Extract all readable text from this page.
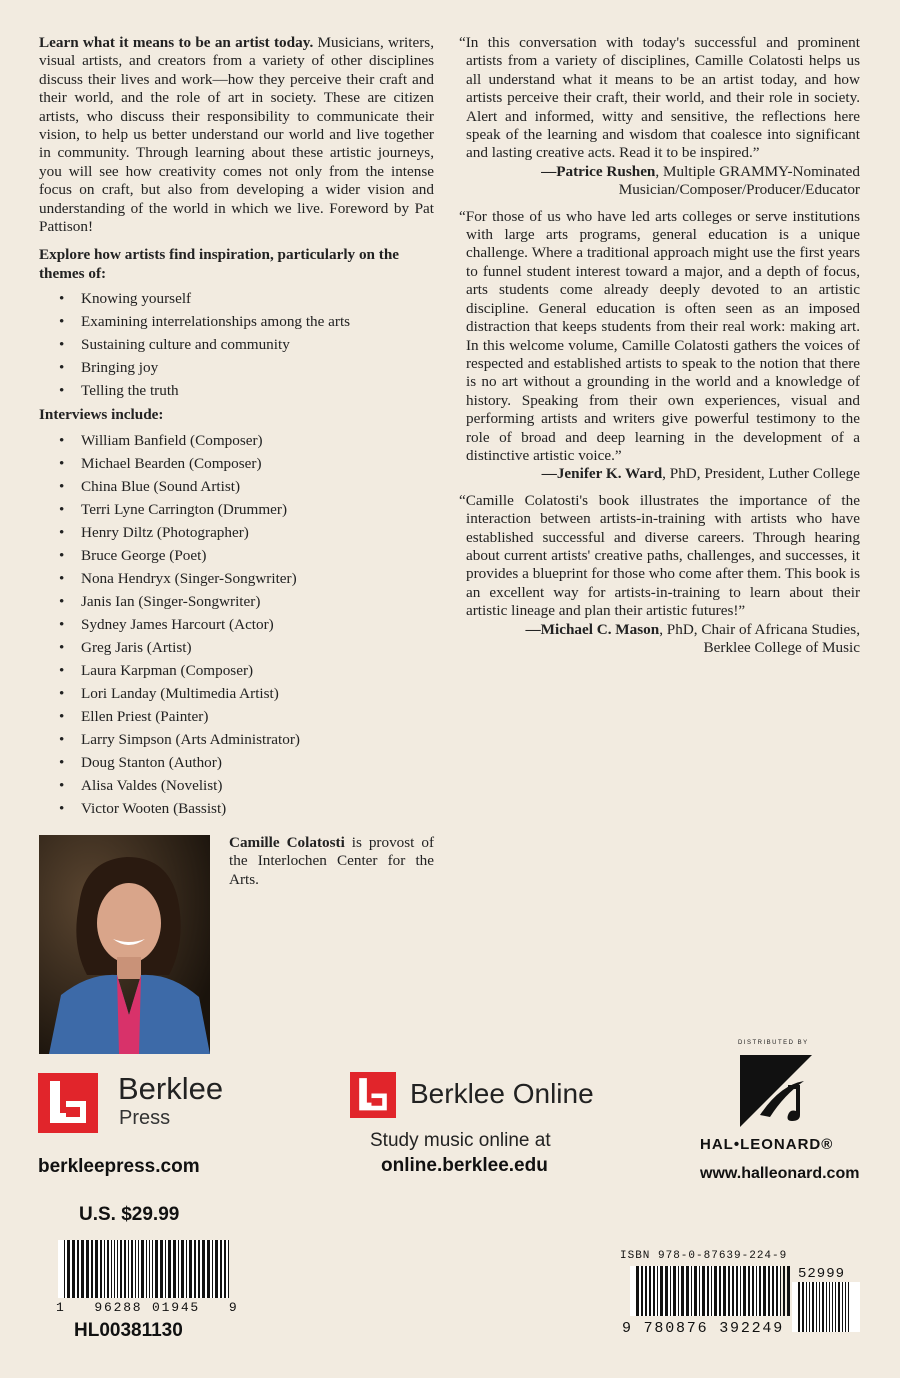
Learn what it means to be an artist today. Musicians, writers, visual artists, and creators from a variety of other disciplines discuss their lives and work—how they perceive their craft and their world, and the role of art in society. These are citizen artists, who discuss their responsibility to communicate their vision, to help us better understand our world and live together in community. Through learning about these artistic journeys, you will see how creativity comes not only from the intense focus on craft, but also from developing a wider vision and understanding of the world in which we live. Foreword by Pat Pattison!

Explore how artists find inspiration, particularly on the themes of:

• Knowing yourself
• Examining interrelationships among the arts
• Sustaining culture and community
• Bringing joy
• Telling the truth

Interviews include:

• William Banfield (Composer)
• Michael Bearden (Composer)
• China Blue (Sound Artist)
• Terri Lyne Carrington (Drummer)
• Henry Diltz (Photographer)
• Bruce George (Poet)
• Nona Hendryx (Singer-Songwriter)
• Janis Ian (Singer-Songwriter)
• Sydney James Harcourt (Actor)
• Greg Jaris (Artist)
• Laura Karpman (Composer)
• Lori Landay (Multimedia Artist)
• Ellen Priest (Painter)
• Larry Simpson (Arts Administrator)
• Doug Stanton (Author)
• Alisa Valdes (Novelist)
• Victor Wooten (Bassist)

“In this conversation with today's successful and prominent artists from a variety of disciplines, Camille Colatosti helps us all understand what it means to be an artist today, and how artists perceive their craft, their world, and their role in society. Alert and informed, witty and sensitive, the reflections here speak of the learning and wisdom that coalesce into significant and lasting creative acts. Read it to be inspired.”

—Patrice Rushen, Multiple GRAMMY-Nominated
Musician/Composer/Producer/Educator

“For those of us who have led arts colleges or serve institutions with large arts programs, general education is a unique challenge. Where a traditional approach might use the first years to funnel student interest toward a major, and a depth of focus, arts students come already deeply devoted to an artistic discipline. General education is often seen as an imposed distraction that keeps students from their real work: making art. In this welcome volume, Camille Colatosti gathers the voices of respected and established artists to speak to the notion that there is no art without a grounding in the world and a knowledge of history. Speaking from their own experiences, visual and performing artists and writers give powerful testimony to the role of broad and deep learning in the development of a distinctive artistic voice.”

—Jenifer K. Ward, PhD, President, Luther College

“Camille Colatosti's book illustrates the importance of the interaction between artists-in-training with artists who have established successful and diverse careers. Through hearing about current artists' creative paths, challenges, and successes, it provides a blueprint for those who come after them. This book is an excellent way for artists-in-training to learn about their artistic lineage and plan their artistic futures!”

—Michael C. Mason, PhD, Chair of Africana Studies,
Berklee College of Music

Camille Colatosti is provost of the Interlochen Center for the Arts.

Berklee
Press
berkleepress.com
Berklee Online
Study music online at
online.berklee.edu
DISTRIBUTED BY
HAL•LEONARD®
www.halleonard.com
U.S. $29.99
1   96288 01945   9
HL00381130
ISBN 978-0-87639-224-9
52999
9 780876 392249
